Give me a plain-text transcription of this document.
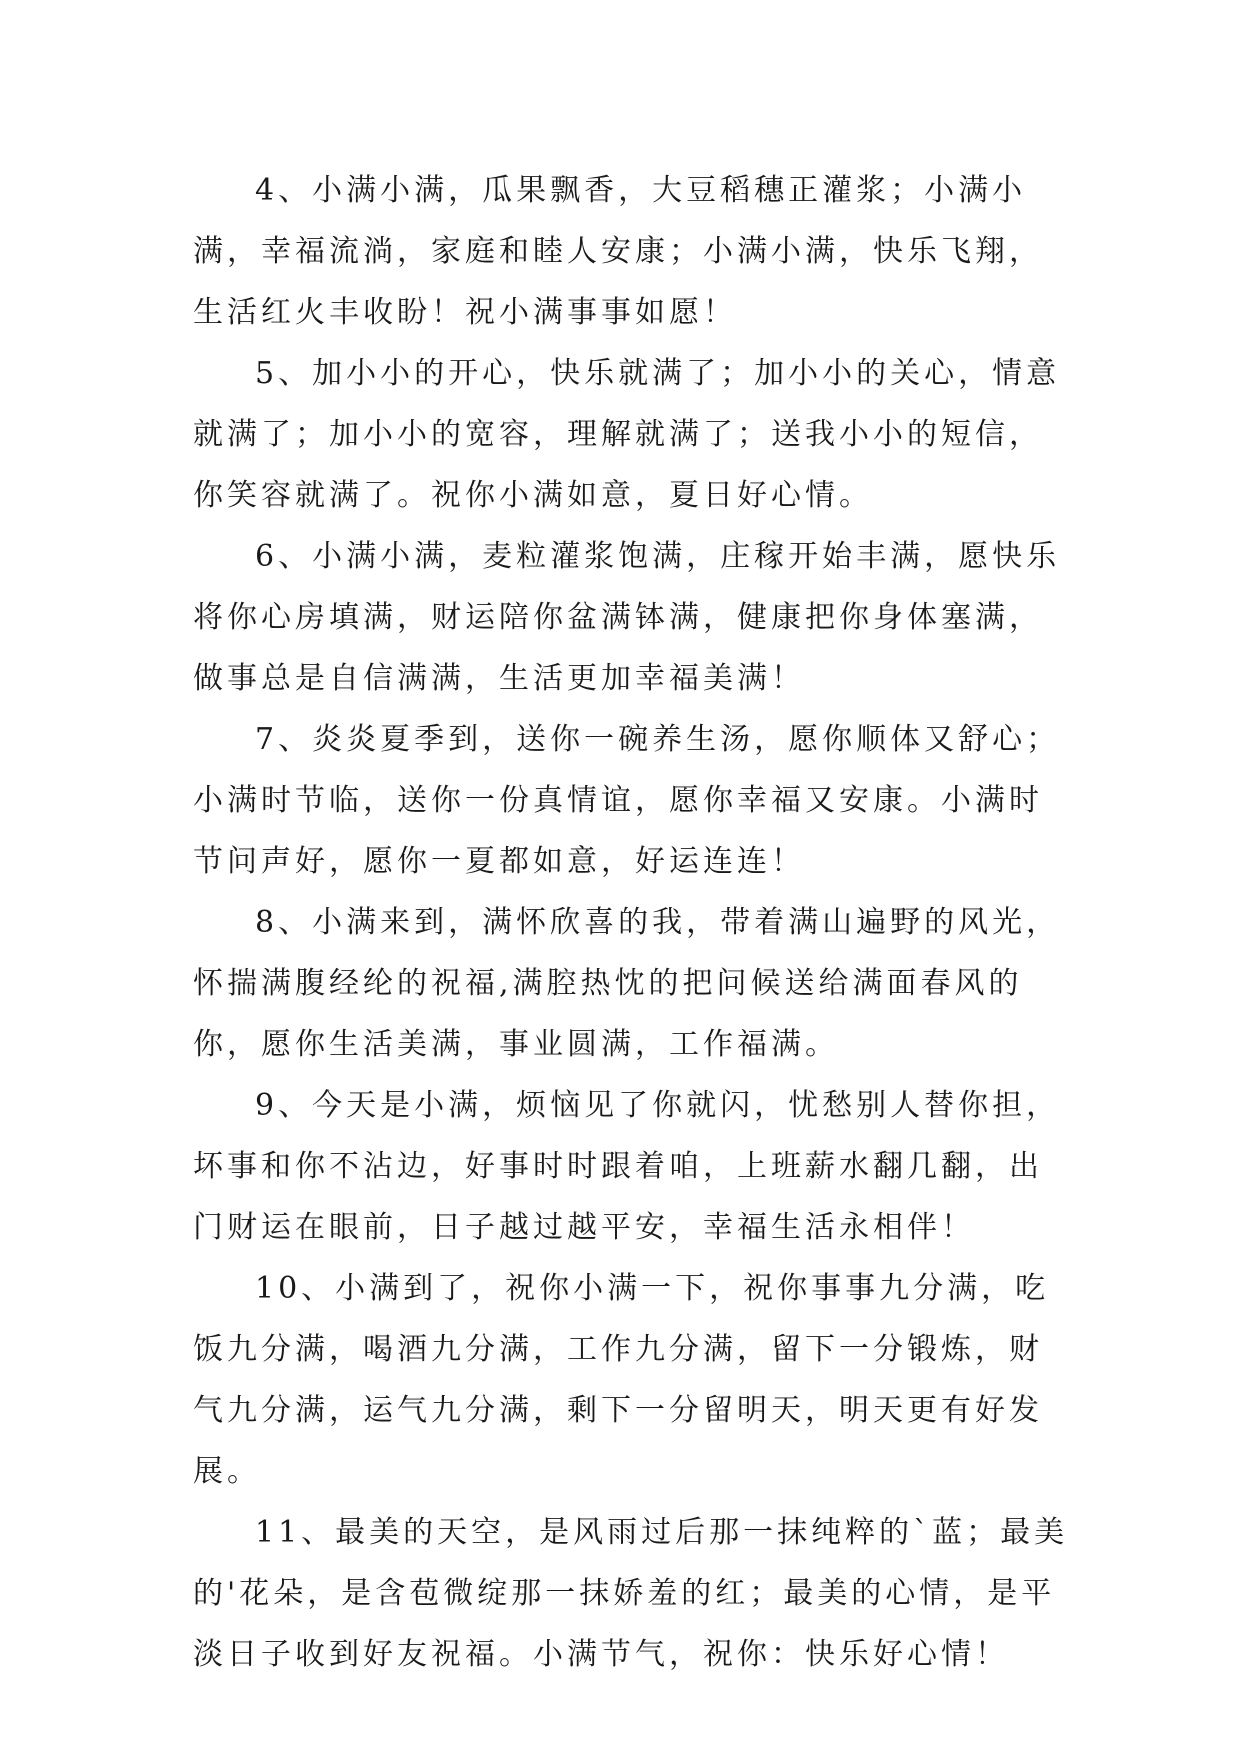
4、小满小满，瓜果飘香，大豆稻穗正灌浆；小满小满，幸福流淌，家庭和睦人安康；小满小满，快乐飞翔，生活红火丰收盼！祝小满事事如愿！

5、加小小的开心，快乐就满了；加小小的关心，情意就满了；加小小的宽容，理解就满了；送我小小的短信，你笑容就满了。祝你小满如意，夏日好心情。

6、小满小满，麦粒灌浆饱满，庄稼开始丰满，愿快乐将你心房填满，财运陪你盆满钵满，健康把你身体塞满，做事总是自信满满，生活更加幸福美满！

7、炎炎夏季到，送你一碗养生汤，愿你顺体又舒心；小满时节临，送你一份真情谊，愿你幸福又安康。小满时节问声好，愿你一夏都如意，好运连连！

8、小满来到，满怀欣喜的我，带着满山遍野的风光，怀揣满腹经纶的祝福,满腔热忱的把问候送给满面春风的你，愿你生活美满，事业圆满，工作福满。

9、今天是小满，烦恼见了你就闪，忧愁别人替你担，坏事和你不沾边，好事时时跟着咱，上班薪水翻几翻，出门财运在眼前，日子越过越平安，幸福生活永相伴！

10、小满到了，祝你小满一下，祝你事事九分满，吃饭九分满，喝酒九分满，工作九分满，留下一分锻炼，财气九分满，运气九分满，剩下一分留明天，明天更有好发展。

11、最美的天空，是风雨过后那一抹纯粹的`蓝；最美的'花朵，是含苞微绽那一抹娇羞的红；最美的心情，是平淡日子收到好友祝福。小满节气，祝你：快乐好心情！
